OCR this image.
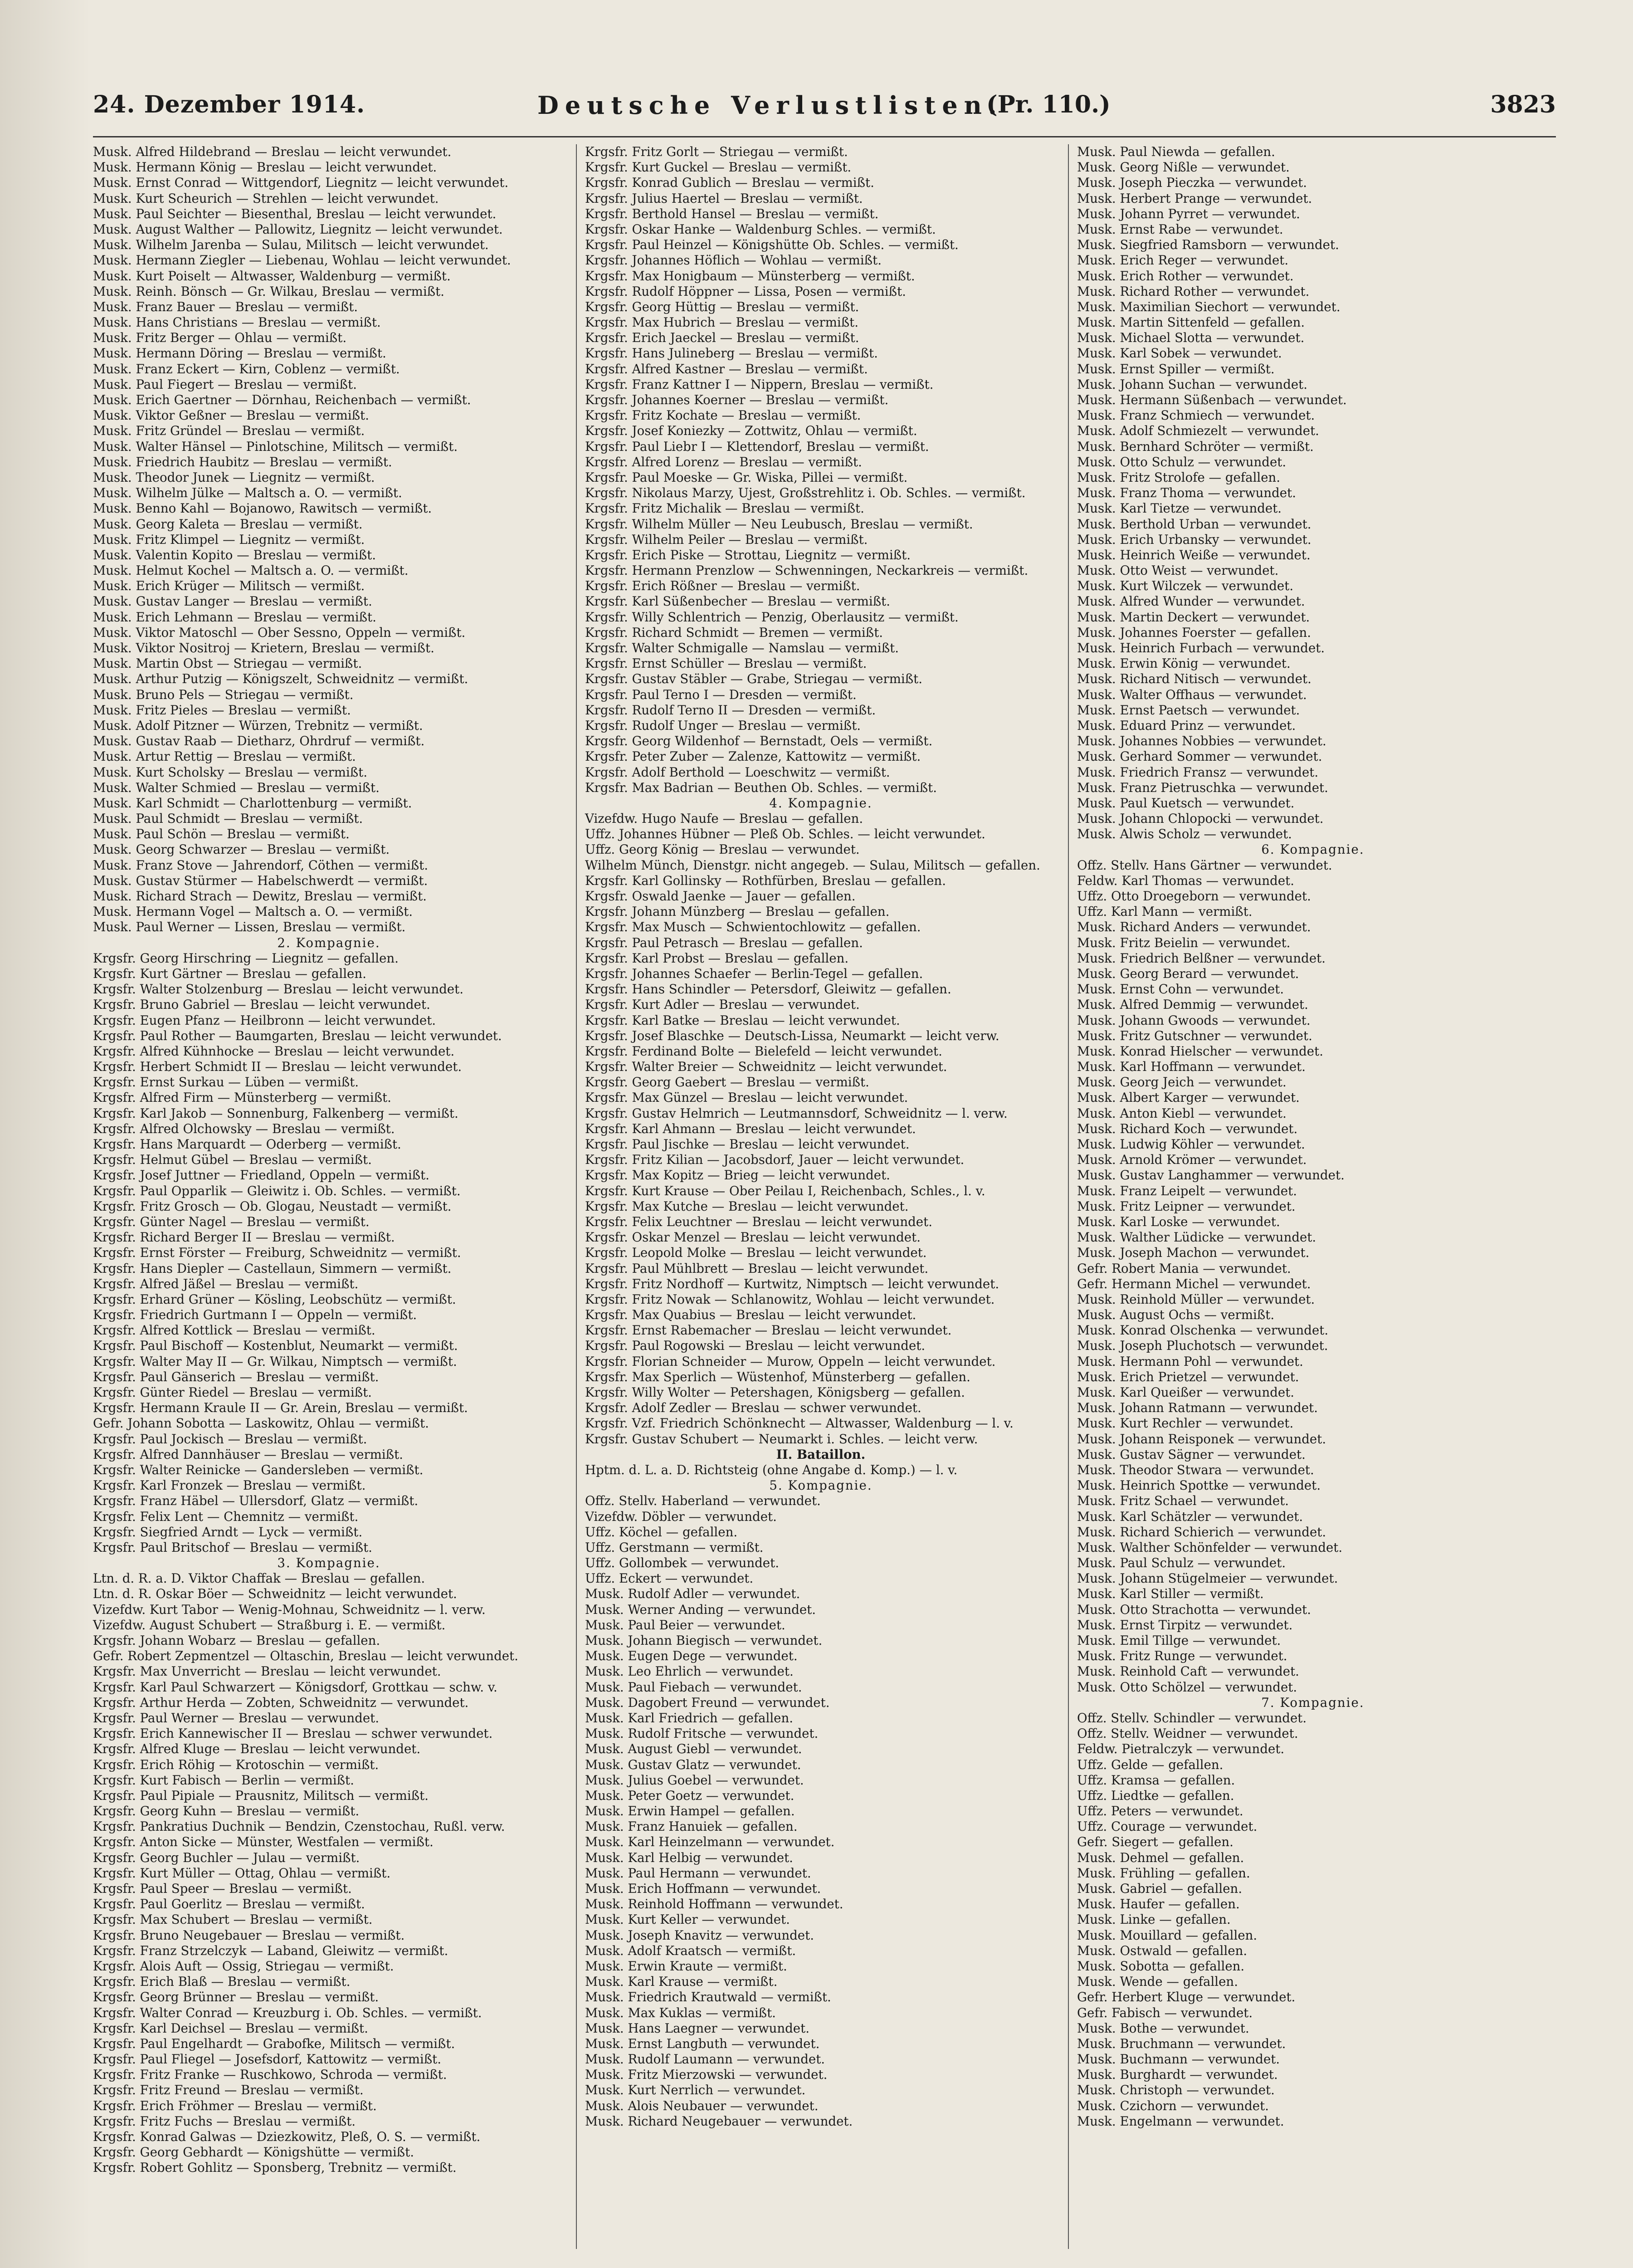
24. Dezember 1914.	Deutsche Verlustlisten.
(Pr. 110.)	3823
Musk. Alfred Hildebrand — Breslau — leicht verwundet.
Musk. Hermann König — Breslau — leicht verwundet.
Musk. Ernst Conrad — Wittgendorf, Liegnitz — leicht verwundet.
Musk. Kurt Scheurich — Strehlen — leicht verwundet.
Musk. Paul Seichter — Biesenthal, Breslau — leicht verwundet.
Musk. August Walther — Pallowitz, Liegnitz — leicht verwundet.
Musk. Wilhelm Jarenba — Sulau, Militsch — leicht verwundet.
Musk. Hermann Ziegler — Liebenau, Wohlau — leicht verwundet.
Musk. Kurt Poiselt — Altwasser, Waldenburg — vermißt.
Musk. Reinh. Bönsch — Gr. Wilkau, Breslau — vermißt.
Musk. Franz Bauer — Breslau — vermißt.
Musk. Hans Christians — Breslau — vermißt.
Musk. Fritz Berger — Ohlau — vermißt.
Musk. Hermann Döring — Breslau — vermißt.
Musk. Franz Eckert — Kirn, Coblenz — vermißt.
Musk. Paul Fiegert — Breslau — vermißt.
Musk. Erich Gaertner — Dörnhau, Reichenbach — vermißt.
Musk. Viktor Geßner — Breslau — vermißt.
Musk. Fritz Gründel — Breslau — vermißt.
Musk. Walter Hänsel — Pinlotschine, Militsch — vermißt.
Musk. Friedrich Haubitz — Breslau — vermißt.
Musk. Theodor Junek — Liegnitz — vermißt.
Musk. Wilhelm Jülke — Maltsch a. O. — vermißt.
Musk. Benno Kahl — Bojanowo, Rawitsch — vermißt.
Musk. Georg Kaleta — Breslau — vermißt.
Musk. Fritz Klimpel — Liegnitz — vermißt.
Musk. Valentin Kopito — Breslau — vermißt.
Musk. Helmut Kochel — Maltsch a. O. — vermißt.
Musk. Erich Krüger — Militsch — vermißt.
Musk. Gustav Langer — Breslau — vermißt.
Musk. Erich Lehmann — Breslau — vermißt.
Musk. Viktor Matoschl — Ober Sessno, Oppeln — vermißt.
Musk. Viktor Nositroj — Krietern, Breslau — vermißt.
Musk. Martin Obst — Striegau — vermißt.
Musk. Arthur Putzig — Königszelt, Schweidnitz — vermißt.
Musk. Bruno Pels — Striegau — vermißt.
Musk. Fritz Pieles — Breslau — vermißt.
Musk. Adolf Pitzner — Würzen, Trebnitz — vermißt.
Musk. Gustav Raab — Dietharz, Ohrdruf — vermißt.
Musk. Artur Rettig — Breslau — vermißt.
Musk. Kurt Scholsky — Breslau — vermißt.
Musk. Walter Schmied — Breslau — vermißt.
Musk. Karl Schmidt — Charlottenburg — vermißt.
Musk. Paul Schmidt — Breslau — vermißt.
Musk. Paul Schön — Breslau — vermißt.
Musk. Georg Schwarzer — Breslau — vermißt.
Musk. Franz Stove — Jahrendorf, Cöthen — vermißt.
Musk. Gustav Stürmer — Habelschwerdt — vermißt.
Musk. Richard Strach — Dewitz, Breslau — vermißt.
Musk. Hermann Vogel — Maltsch a. O. — vermißt.
Musk. Paul Werner — Lissen, Breslau — vermißt.
2. Kompagnie.
Krgsfr. Georg Hirschring — Liegnitz — gefallen.
Krgsfr. Kurt Gärtner — Breslau — gefallen.
Krgsfr. Walter Stolzenburg — Breslau — leicht verwundet.
Krgsfr. Bruno Gabriel — Breslau — leicht verwundet.
Krgsfr. Eugen Pfanz — Heilbronn — leicht verwundet.
Krgsfr. Paul Rother — Baumgarten, Breslau — leicht verwundet.
Krgsfr. Alfred Kühnhocke — Breslau — leicht verwundet.
Krgsfr. Herbert Schmidt II — Breslau — leicht verwundet.
Krgsfr. Ernst Surkau — Lüben — vermißt.
Krgsfr. Alfred Firm — Münsterberg — vermißt.
Krgsfr. Karl Jakob — Sonnenburg, Falkenberg — vermißt.
Krgsfr. Alfred Olchowsky — Breslau — vermißt.
Krgsfr. Hans Marquardt — Oderberg — vermißt.
Krgsfr. Helmut Gübel — Breslau — vermißt.
Krgsfr. Josef Juttner — Friedland, Oppeln — vermißt.
Krgsfr. Paul Opparlik — Gleiwitz i. Ob. Schles. — vermißt.
Krgsfr. Fritz Grosch — Ob. Glogau, Neustadt — vermißt.
Krgsfr. Günter Nagel — Breslau — vermißt.
Krgsfr. Richard Berger II — Breslau — vermißt.
Krgsfr. Ernst Förster — Freiburg, Schweidnitz — vermißt.
Krgsfr. Hans Diepler — Castellaun, Simmern — vermißt.
Krgsfr. Alfred Jäßel — Breslau — vermißt.
Krgsfr. Erhard Grüner — Kösling, Leobschütz — vermißt.
Krgsfr. Friedrich Gurtmann I — Oppeln — vermißt.
Krgsfr. Alfred Kottlick — Breslau — vermißt.
Krgsfr. Paul Bischoff — Kostenblut, Neumarkt — vermißt.
Krgsfr. Walter May II — Gr. Wilkau, Nimptsch — vermißt.
Krgsfr. Paul Gänserich — Breslau — vermißt.
Krgsfr. Günter Riedel — Breslau — vermißt.
Krgsfr. Hermann Kraule II — Gr. Arein, Breslau — vermißt.
Gefr. Johann Sobotta — Laskowitz, Ohlau — vermißt.
Krgsfr. Paul Jockisch — Breslau — vermißt.
Krgsfr. Alfred Dannhäuser — Breslau — vermißt.
Krgsfr. Walter Reinicke — Gandersleben — vermißt.
Krgsfr. Karl Fronzek — Breslau — vermißt.
Krgsfr. Franz Häbel — Ullersdorf, Glatz — vermißt.
Krgsfr. Felix Lent — Chemnitz — vermißt.
Krgsfr. Siegfried Arndt — Lyck — vermißt.
Krgsfr. Paul Britschof — Breslau — vermißt.
3. Kompagnie.
Ltn. d. R. a. D. Viktor Chaffak — Breslau — gefallen.
Ltn. d. R. Oskar Böer — Schweidnitz — leicht verwundet.
Vizefdw. Kurt Tabor — Wenig-Mohnau, Schweidnitz — l. verw.
Vizefdw. August Schubert — Straßburg i. E. — vermißt.
Krgsfr. Johann Wobarz — Breslau — gefallen.
Gefr. Robert Zepmentzel — Oltaschin, Breslau — leicht verwundet.
Krgsfr. Max Unverricht — Breslau — leicht verwundet.
Krgsfr. Karl Paul Schwarzert — Königsdorf, Grottkau — schw. v.
Krgsfr. Arthur Herda — Zobten, Schweidnitz — verwundet.
Krgsfr. Paul Werner — Breslau — verwundet.
Krgsfr. Erich Kannewischer II — Breslau — schwer verwundet.
Krgsfr. Alfred Kluge — Breslau — leicht verwundet.
Krgsfr. Erich Röhig — Krotoschin — vermißt.
Krgsfr. Kurt Fabisch — Berlin — vermißt.
Krgsfr. Paul Pipiale — Prausnitz, Militsch — vermißt.
Krgsfr. Georg Kuhn — Breslau — vermißt.
Krgsfr. Pankratius Duchnik — Bendzin, Czenstochau, Rußl. verw.
Krgsfr. Anton Sicke — Münster, Westfalen — vermißt.
Krgsfr. Georg Buchler — Julau — vermißt.
Krgsfr. Kurt Müller — Ottag, Ohlau — vermißt.
Krgsfr. Paul Speer — Breslau — vermißt.
Krgsfr. Paul Goerlitz — Breslau — vermißt.
Krgsfr. Max Schubert — Breslau — vermißt.
Krgsfr. Bruno Neugebauer — Breslau — vermißt.
Krgsfr. Franz Strzelczyk — Laband, Gleiwitz — vermißt.
Krgsfr. Alois Auft — Ossig, Striegau — vermißt.
Krgsfr. Erich Blaß — Breslau — vermißt.
Krgsfr. Georg Brünner — Breslau — vermißt.
Krgsfr. Walter Conrad — Kreuzburg i. Ob. Schles. — vermißt.
Krgsfr. Karl Deichsel — Breslau — vermißt.
Krgsfr. Paul Engelhardt — Grabofke, Militsch — vermißt.
Krgsfr. Paul Fliegel — Josefsdorf, Kattowitz — vermißt.
Krgsfr. Fritz Franke — Ruschkowo, Schroda — vermißt.
Krgsfr. Fritz Freund — Breslau — vermißt.
Krgsfr. Erich Fröhmer — Breslau — vermißt.
Krgsfr. Fritz Fuchs — Breslau — vermißt.
Krgsfr. Konrad Galwas — Dziezkowitz, Pleß, O. S. — vermißt.
Krgsfr. Georg Gebhardt — Königshütte — vermißt.
Krgsfr. Robert Gohlitz — Sponsberg, Trebnitz — vermißt.
Krgsfr. Fritz Gorlt — Striegau — vermißt.
Krgsfr. Kurt Guckel — Breslau — vermißt.
Krgsfr. Konrad Gublich — Breslau — vermißt.
Krgsfr. Julius Haertel — Breslau — vermißt.
Krgsfr. Berthold Hansel — Breslau — vermißt.
Krgsfr. Oskar Hanke — Waldenburg Schles. — vermißt.
Krgsfr. Paul Heinzel — Königshütte Ob. Schles. — vermißt.
Krgsfr. Johannes Höflich — Wohlau — vermißt.
Krgsfr. Max Honigbaum — Münsterberg — vermißt.
Krgsfr. Rudolf Höppner — Lissa, Posen — vermißt.
Krgsfr. Georg Hüttig — Breslau — vermißt.
Krgsfr. Max Hubrich — Breslau — vermißt.
Krgsfr. Erich Jaeckel — Breslau — vermißt.
Krgsfr. Hans Julineberg — Breslau — vermißt.
Krgsfr. Alfred Kastner — Breslau — vermißt.
Krgsfr. Franz Kattner I — Nippern, Breslau — vermißt.
Krgsfr. Johannes Koerner — Breslau — vermißt.
Krgsfr. Fritz Kochate — Breslau — vermißt.
Krgsfr. Josef Koniezky — Zottwitz, Ohlau — vermißt.
Krgsfr. Paul Liebr I — Klettendorf, Breslau — vermißt.
Krgsfr. Alfred Lorenz — Breslau — vermißt.
Krgsfr. Paul Moeske — Gr. Wiska, Pillei — vermißt.
Krgsfr. Nikolaus Marzy, Ujest, Großstrehlitz i. Ob. Schles. — vermißt.
Krgsfr. Fritz Michalik — Breslau — vermißt.
Krgsfr. Wilhelm Müller — Neu Leubusch, Breslau — vermißt.
Krgsfr. Wilhelm Peiler — Breslau — vermißt.
Krgsfr. Erich Piske — Strottau, Liegnitz — vermißt.
Krgsfr. Hermann Prenzlow — Schwenningen, Neckarkreis — vermißt.
Krgsfr. Erich Rößner — Breslau — vermißt.
Krgsfr. Karl Süßenbecher — Breslau — vermißt.
Krgsfr. Willy Schlentrich — Penzig, Oberlausitz — vermißt.
Krgsfr. Richard Schmidt — Bremen — vermißt.
Krgsfr. Walter Schmigalle — Namslau — vermißt.
Krgsfr. Ernst Schüller — Breslau — vermißt.
Krgsfr. Gustav Stäbler — Grabe, Striegau — vermißt.
Krgsfr. Paul Terno I — Dresden — vermißt.
Krgsfr. Rudolf Terno II — Dresden — vermißt.
Krgsfr. Rudolf Unger — Breslau — vermißt.
Krgsfr. Georg Wildenhof — Bernstadt, Oels — vermißt.
Krgsfr. Peter Zuber — Zalenze, Kattowitz — vermißt.
Krgsfr. Adolf Berthold — Loeschwitz — vermißt.
Krgsfr. Max Badrian — Beuthen Ob. Schles. — vermißt.
4. Kompagnie.
Vizefdw. Hugo Naufe — Breslau — gefallen.
Uffz. Johannes Hübner — Pleß Ob. Schles. — leicht verwundet.
Uffz. Georg König — Breslau — verwundet.
Wilhelm Münch, Dienstgr. nicht angegeb. — Sulau, Militsch — gefallen.
Krgsfr. Karl Gollinsky — Rothfürben, Breslau — gefallen.
Krgsfr. Oswald Jaenke — Jauer — gefallen.
Krgsfr. Johann Münzberg — Breslau — gefallen.
Krgsfr. Max Musch — Schwientochlowitz — gefallen.
Krgsfr. Paul Petrasch — Breslau — gefallen.
Krgsfr. Karl Probst — Breslau — gefallen.
Krgsfr. Johannes Schaefer — Berlin-Tegel — gefallen.
Krgsfr. Hans Schindler — Petersdorf, Gleiwitz — gefallen.
Krgsfr. Kurt Adler — Breslau — verwundet.
Krgsfr. Karl Batke — Breslau — leicht verwundet.
Krgsfr. Josef Blaschke — Deutsch-Lissa, Neumarkt — leicht verw.
Krgsfr. Ferdinand Bolte — Bielefeld — leicht verwundet.
Krgsfr. Walter Breier — Schweidnitz — leicht verwundet.
Krgsfr. Georg Gaebert — Breslau — vermißt.
Krgsfr. Max Günzel — Breslau — leicht verwundet.
Krgsfr. Gustav Helmrich — Leutmannsdorf, Schweidnitz — l. verw.
Krgsfr. Karl Ahmann — Breslau — leicht verwundet.
Krgsfr. Paul Jischke — Breslau — leicht verwundet.
Krgsfr. Fritz Kilian — Jacobsdorf, Jauer — leicht verwundet.
Krgsfr. Max Kopitz — Brieg — leicht verwundet.
Krgsfr. Kurt Krause — Ober Peilau I, Reichenbach, Schles., l. v.
Krgsfr. Max Kutche — Breslau — leicht verwundet.
Krgsfr. Felix Leuchtner — Breslau — leicht verwundet.
Krgsfr. Oskar Menzel — Breslau — leicht verwundet.
Krgsfr. Leopold Molke — Breslau — leicht verwundet.
Krgsfr. Paul Mühlbrett — Breslau — leicht verwundet.
Krgsfr. Fritz Nordhoff — Kurtwitz, Nimptsch — leicht verwundet.
Krgsfr. Fritz Nowak — Schlanowitz, Wohlau — leicht verwundet.
Krgsfr. Max Quabius — Breslau — leicht verwundet.
Krgsfr. Ernst Rabemacher — Breslau — leicht verwundet.
Krgsfr. Paul Rogowski — Breslau — leicht verwundet.
Krgsfr. Florian Schneider — Murow, Oppeln — leicht verwundet.
Krgsfr. Max Sperlich — Wüstenhof, Münsterberg — gefallen.
Krgsfr. Willy Wolter — Petershagen, Königsberg — gefallen.
Krgsfr. Adolf Zedler — Breslau — schwer verwundet.
Krgsfr. Vzf. Friedrich Schönknecht — Altwasser, Waldenburg — l. v.
Krgsfr. Gustav Schubert — Neumarkt i. Schles. — leicht verw.
II. Bataillon.
Hptm. d. L. a. D. Richtsteig (ohne Angabe d. Komp.) — l. v.
5. Kompagnie.
Offz. Stellv. Haberland — verwundet.
Vizefdw. Döbler — verwundet.
Uffz. Köchel — gefallen.
Uffz. Gerstmann — vermißt.
Uffz. Gollombek — verwundet.
Uffz. Eckert — verwundet.
Musk. Rudolf Adler — verwundet.
Musk. Werner Anding — verwundet.
Musk. Paul Beier — verwundet.
Musk. Johann Biegisch — verwundet.
Musk. Eugen Dege — verwundet.
Musk. Leo Ehrlich — verwundet.
Musk. Paul Fiebach — verwundet.
Musk. Dagobert Freund — verwundet.
Musk. Karl Friedrich — gefallen.
Musk. Rudolf Fritsche — verwundet.
Musk. August Giebl — verwundet.
Musk. Gustav Glatz — verwundet.
Musk. Julius Goebel — verwundet.
Musk. Peter Goetz — verwundet.
Musk. Erwin Hampel — gefallen.
Musk. Franz Hanuiek — gefallen.
Musk. Karl Heinzelmann — verwundet.
Musk. Karl Helbig — verwundet.
Musk. Paul Hermann — verwundet.
Musk. Erich Hoffmann — verwundet.
Musk. Reinhold Hoffmann — verwundet.
Musk. Kurt Keller — verwundet.
Musk. Joseph Knavitz — verwundet.
Musk. Adolf Kraatsch — vermißt.
Musk. Erwin Kraute — vermißt.
Musk. Karl Krause — vermißt.
Musk. Friedrich Krautwald — vermißt.
Musk. Max Kuklas — vermißt.
Musk. Hans Laegner — verwundet.
Musk. Ernst Langbuth — verwundet.
Musk. Rudolf Laumann — verwundet.
Musk. Fritz Mierzowski — verwundet.
Musk. Kurt Nerrlich — verwundet.
Musk. Alois Neubauer — verwundet.
Musk. Richard Neugebauer — verwundet.
Musk. Paul Niewda — gefallen.
Musk. Georg Nißle — verwundet.
Musk. Joseph Pieczka — verwundet.
Musk. Herbert Prange — verwundet.
Musk. Johann Pyrret — verwundet.
Musk. Ernst Rabe — verwundet.
Musk. Siegfried Ramsborn — verwundet.
Musk. Erich Reger — verwundet.
Musk. Erich Rother — verwundet.
Musk. Richard Rother — verwundet.
Musk. Maximilian Siechort — verwundet.
Musk. Martin Sittenfeld — gefallen.
Musk. Michael Slotta — verwundet.
Musk. Karl Sobek — verwundet.
Musk. Ernst Spiller — vermißt.
Musk. Johann Suchan — verwundet.
Musk. Hermann Süßenbach — verwundet.
Musk. Franz Schmiech — verwundet.
Musk. Adolf Schmiezelt — verwundet.
Musk. Bernhard Schröter — vermißt.
Musk. Otto Schulz — verwundet.
Musk. Fritz Strolofe — gefallen.
Musk. Franz Thoma — verwundet.
Musk. Karl Tietze — verwundet.
Musk. Berthold Urban — verwundet.
Musk. Erich Urbansky — verwundet.
Musk. Heinrich Weiße — verwundet.
Musk. Otto Weist — verwundet.
Musk. Kurt Wilczek — verwundet.
Musk. Alfred Wunder — verwundet.
Musk. Martin Deckert — verwundet.
Musk. Johannes Foerster — gefallen.
Musk. Heinrich Furbach — verwundet.
Musk. Erwin König — verwundet.
Musk. Richard Nitisch — verwundet.
Musk. Walter Offhaus — verwundet.
Musk. Ernst Paetsch — verwundet.
Musk. Eduard Prinz — verwundet.
Musk. Johannes Nobbies — verwundet.
Musk. Gerhard Sommer — verwundet.
Musk. Friedrich Fransz — verwundet.
Musk. Franz Pietruschka — verwundet.
Musk. Paul Kuetsch — verwundet.
Musk. Johann Chlopocki — verwundet.
Musk. Alwis Scholz — verwundet.
6. Kompagnie.
Offz. Stellv. Hans Gärtner — verwundet.
Feldw. Karl Thomas — verwundet.
Uffz. Otto Droegeborn — verwundet.
Uffz. Karl Mann — vermißt.
Musk. Richard Anders — verwundet.
Musk. Fritz Beielin — verwundet.
Musk. Friedrich Belßner — verwundet.
Musk. Georg Berard — verwundet.
Musk. Ernst Cohn — verwundet.
Musk. Alfred Demmig — verwundet.
Musk. Johann Gwoods — verwundet.
Musk. Fritz Gutschner — verwundet.
Musk. Konrad Hielscher — verwundet.
Musk. Karl Hoffmann — verwundet.
Musk. Georg Jeich — verwundet.
Musk. Albert Karger — verwundet.
Musk. Anton Kiebl — verwundet.
Musk. Richard Koch — verwundet.
Musk. Ludwig Köhler — verwundet.
Musk. Arnold Krömer — verwundet.
Musk. Gustav Langhammer — verwundet.
Musk. Franz Leipelt — verwundet.
Musk. Fritz Leipner — verwundet.
Musk. Karl Loske — verwundet.
Musk. Walther Lüdicke — verwundet.
Musk. Joseph Machon — verwundet.
Gefr. Robert Mania — verwundet.
Gefr. Hermann Michel — verwundet.
Musk. Reinhold Müller — verwundet.
Musk. August Ochs — vermißt.
Musk. Konrad Olschenka — verwundet.
Musk. Joseph Pluchotsch — verwundet.
Musk. Hermann Pohl — verwundet.
Musk. Erich Prietzel — verwundet.
Musk. Karl Queißer — verwundet.
Musk. Johann Ratmann — verwundet.
Musk. Kurt Rechler — verwundet.
Musk. Johann Reisponek — verwundet.
Musk. Gustav Sägner — verwundet.
Musk. Theodor Stwara — verwundet.
Musk. Heinrich Spottke — verwundet.
Musk. Fritz Schael — verwundet.
Musk. Karl Schätzler — verwundet.
Musk. Richard Schierich — verwundet.
Musk. Walther Schönfelder — verwundet.
Musk. Paul Schulz — verwundet.
Musk. Johann Stügelmeier — verwundet.
Musk. Karl Stiller — vermißt.
Musk. Otto Strachotta — verwundet.
Musk. Ernst Tirpitz — verwundet.
Musk. Emil Tillge — verwundet.
Musk. Fritz Runge — verwundet.
Musk. Reinhold Caft — verwundet.
Musk. Otto Schölzel — verwundet.
7. Kompagnie.
Offz. Stellv. Schindler — verwundet.
Offz. Stellv. Weidner — verwundet.
Feldw. Pietralczyk — verwundet.
Uffz. Gelde — gefallen.
Uffz. Kramsa — gefallen.
Uffz. Liedtke — gefallen.
Uffz. Peters — verwundet.
Uffz. Courage — verwundet.
Gefr. Siegert — gefallen.
Musk. Dehmel — gefallen.
Musk. Frühling — gefallen.
Musk. Gabriel — gefallen.
Musk. Haufer — gefallen.
Musk. Linke — gefallen.
Musk. Mouillard — gefallen.
Musk. Ostwald — gefallen.
Musk. Sobotta — gefallen.
Musk. Wende — gefallen.
Gefr. Herbert Kluge — verwundet.
Gefr. Fabisch — verwundet.
Musk. Bothe — verwundet.
Musk. Bruchmann — verwundet.
Musk. Buchmann — verwundet.
Musk. Burghardt — verwundet.
Musk. Christoph — verwundet.
Musk. Czichorn — verwundet.
Musk. Engelmann — verwundet.
